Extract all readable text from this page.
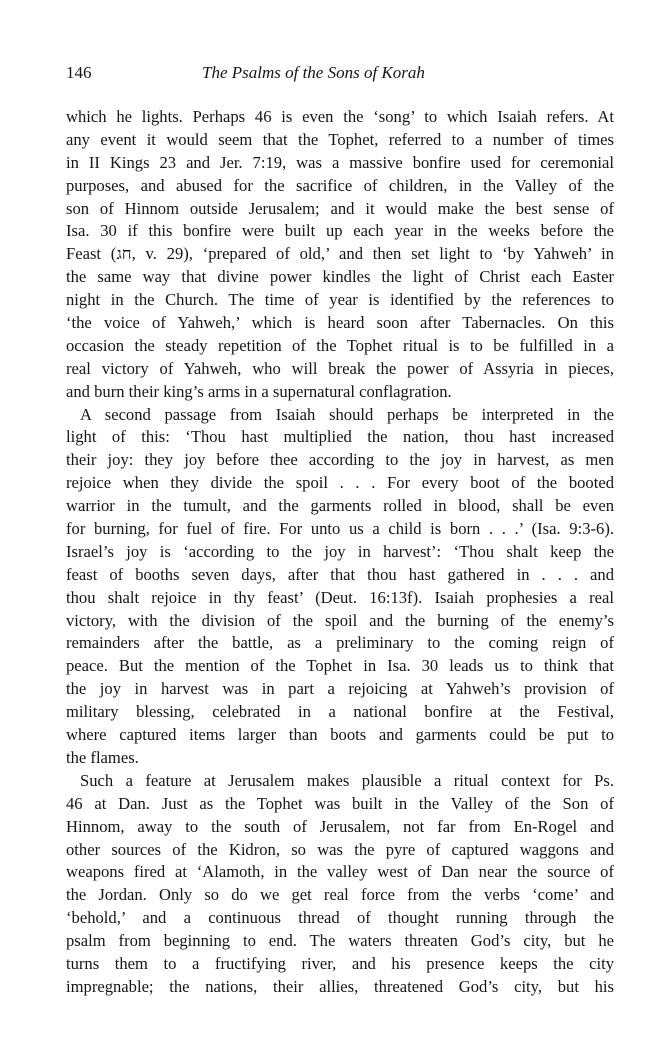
146	The Psalms of the Sons of Korah
which he lights. Perhaps 46 is even the ‘song’ to which Isaiah refers. At
any event it would seem that the Tophet, referred to a number of times
in II Kings 23 and Jer. 7:19, was a massive bonfire used for ceremonial
purposes, and abused for the sacrifice of children, in the Valley of the
son of Hinnom outside Jerusalem; and it would make the best sense of
Isa. 30 if this bonfire were built up each year in the weeks before the
Feast (חג, v. 29), ‘prepared of old,’ and then set light to ‘by Yahweh’ in
the same way that divine power kindles the light of Christ each Easter
night in the Church. The time of year is identified by the references to
‘the voice of Yahweh,’ which is heard soon after Tabernacles. On this
occasion the steady repetition of the Tophet ritual is to be fulfilled in a
real victory of Yahweh, who will break the power of Assyria in pieces,
and burn their king’s arms in a supernatural conflagration.
A second passage from Isaiah should perhaps be interpreted in the
light of this: ‘Thou hast multiplied the nation, thou hast increased
their joy: they joy before thee according to the joy in harvest, as men
rejoice when they divide the spoil . . . For every boot of the booted
warrior in the tumult, and the garments rolled in blood, shall be even
for burning, for fuel of fire. For unto us a child is born . . .’ (Isa. 9:3-6).
Israel’s joy is ‘according to the joy in harvest’: ‘Thou shalt keep the
feast of booths seven days, after that thou hast gathered in . . . and
thou shalt rejoice in thy feast’ (Deut. 16:13f). Isaiah prophesies a real
victory, with the division of the spoil and the burning of the enemy’s
remainders after the battle, as a preliminary to the coming reign of
peace. But the mention of the Tophet in Isa. 30 leads us to think that
the joy in harvest was in part a rejoicing at Yahweh’s provision of
military blessing, celebrated in a national bonfire at the Festival,
where captured items larger than boots and garments could be put to
the flames.
Such a feature at Jerusalem makes plausible a ritual context for Ps.
46 at Dan. Just as the Tophet was built in the Valley of the Son of
Hinnom, away to the south of Jerusalem, not far from En-Rogel and
other sources of the Kidron, so was the pyre of captured waggons and
weapons fired at ‘Alamoth, in the valley west of Dan near the source of
the Jordan. Only so do we get real force from the verbs ‘come’ and
‘behold,’ and a continuous thread of thought running through the
psalm from beginning to end. The waters threaten God’s city, but he
turns them to a fructifying river, and his presence keeps the city
impregnable; the nations, their allies, threatened God’s city, but his
